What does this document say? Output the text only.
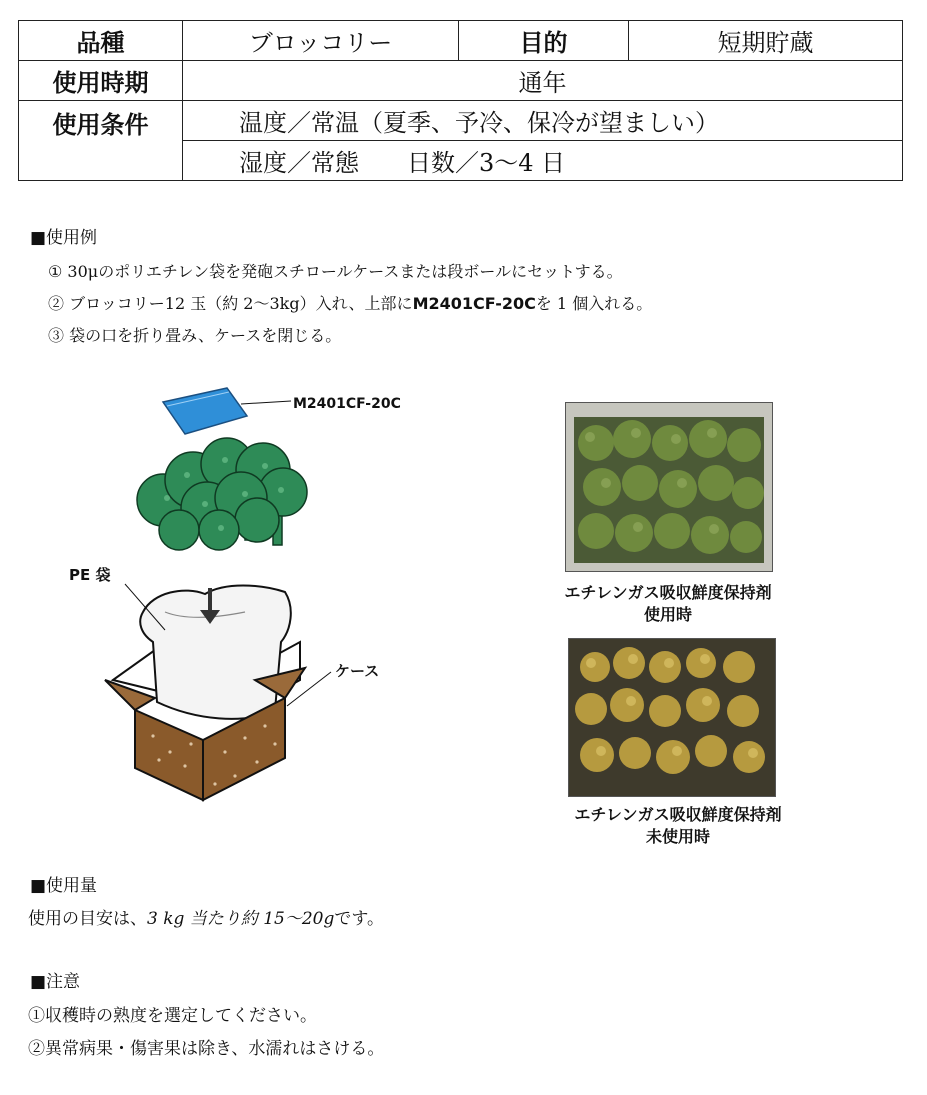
品種	ブロッコリー	目的	短期貯蔵
使用時期	通年		
使用条件	温度／常温（夏季、予冷、保冷が望ましい）		
	湿度／常態　　日数／3～4 日		
■使用例
① 30μのポリエチレン袋を発砲スチロールケースまたは段ボールにセットする。
② ブロッコリー12 玉（約 2～3kg）入れ、上部にM2401CF-20Cを 1 個入れる。
③ 袋の口を折り畳み、ケースを閉じる。
M2401CF-20C
PE 袋
ケース
エチレンガス吸収鮮度保持剤
使用時
エチレンガス吸収鮮度保持剤
未使用時
■使用量
使用の目安は、3 kg 当たり約 15～20gです。
■注意
①収穫時の熟度を選定してください。
②異常病果・傷害果は除き、水濡れはさける。
